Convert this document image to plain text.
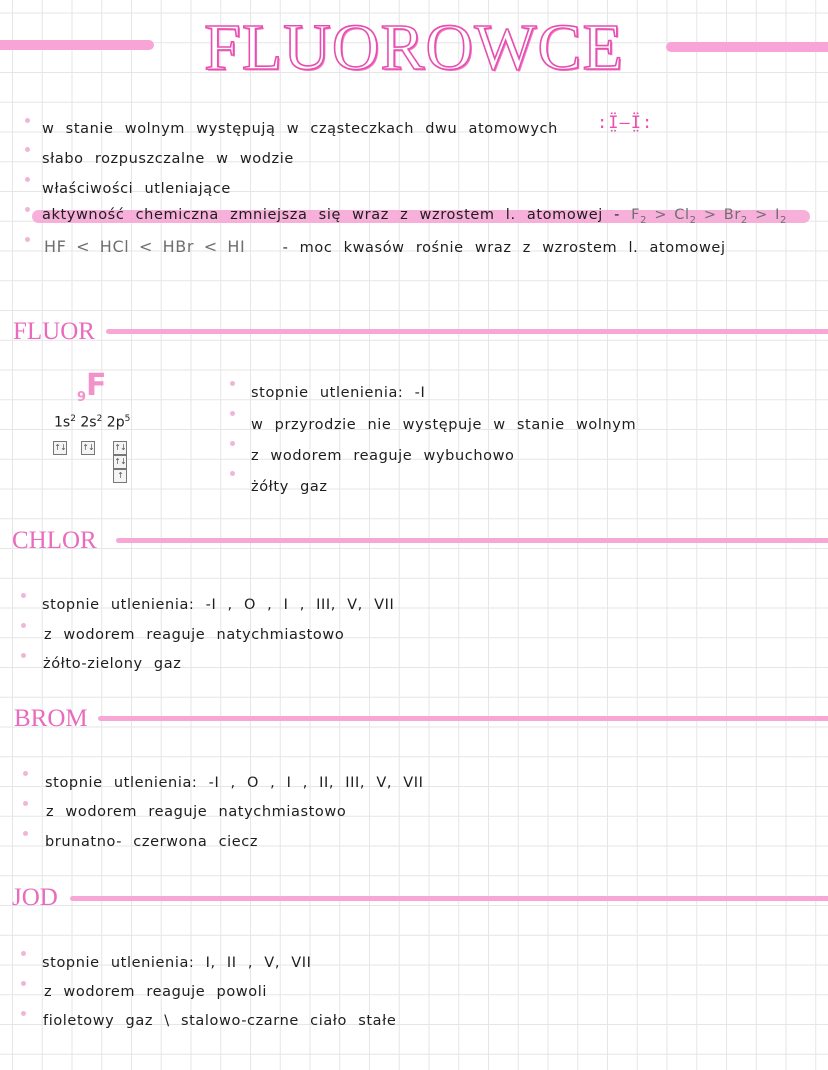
FLUOROWCE
w stanie wolnym występują w cząsteczkach dwu atomowych :Ï̤—Ï̤:
słabo rozpuszczalne w wodzie
właściwości utleniające
aktywność chemiczna zmniejsza się wraz z wzrostem l. atomowej - $F_2 > Cl_2 > Br_2 > I_2$
HF < HCl < HBr < HI	- moc kwasów rośnie wraz z wzrostem l. atomowej
FLUOR
$_9$F
$1s^2$ $2s^2$ $2p^5$
↑↓ ↑↓	↑↓
↑↓
↑
stopnie utlenienia: -I
w przyrodzie nie występuje w stanie wolnym
z wodorem reaguje wybuchowo
żółty gaz
CHLOR
stopnie utlenienia: -I , O , I , III, V, VII
z wodorem reaguje natychmiastowo
żółto-zielony gaz
BROM
stopnie utlenienia: -I , O , I , II, III, V, VII
z wodorem reaguje natychmiastowo
brunatno- czerwona ciecz
JOD
stopnie utlenienia: I, II , V, VII
z wodorem reaguje powoli
fioletowy gaz \ stalowo-czarne ciało stałe
